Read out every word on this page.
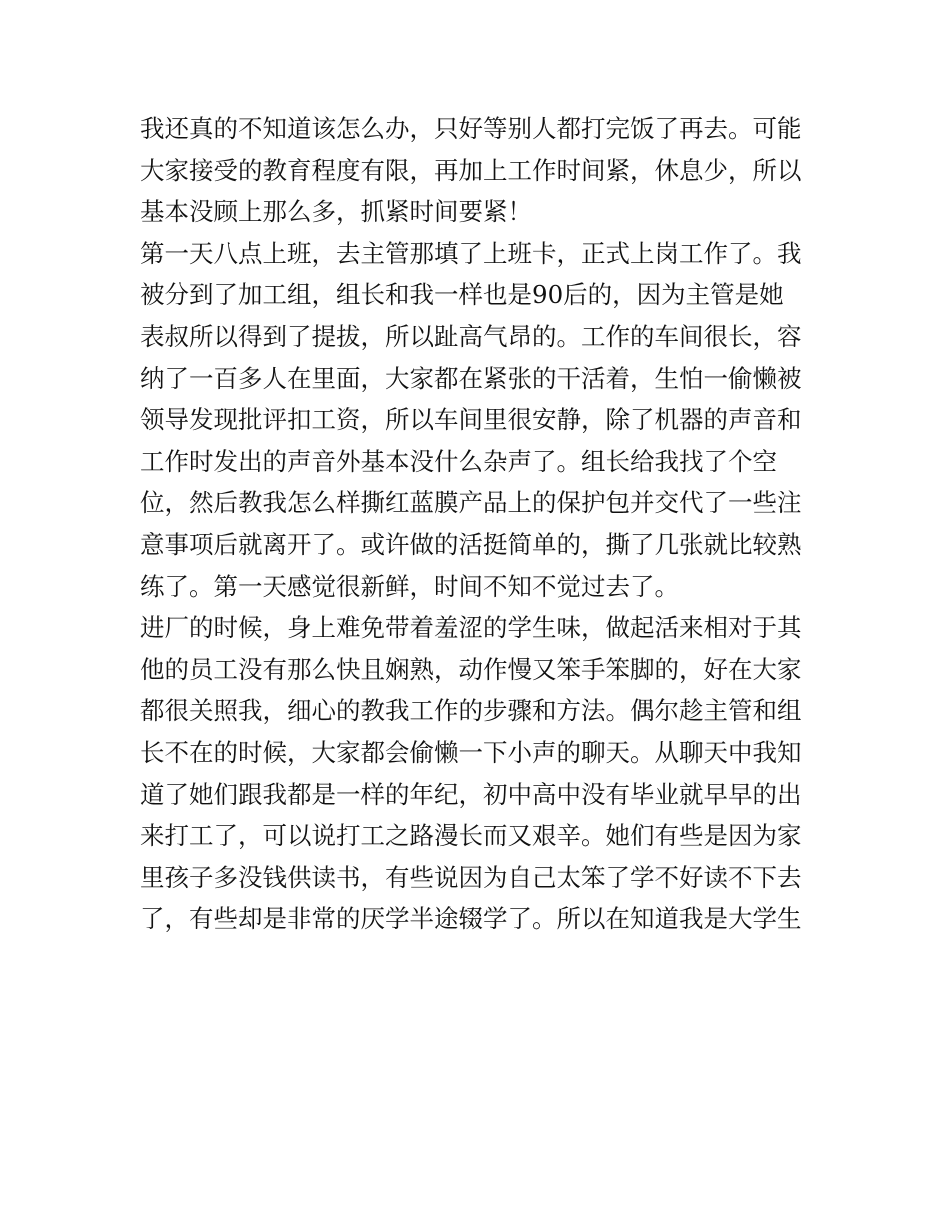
我还真的不知道该怎么办，只好等别人都打完饭了再去。可能
大家接受的教育程度有限，再加上工作时间紧，休息少，所以
基本没顾上那么多，抓紧时间要紧！
第一天八点上班，去主管那填了上班卡，正式上岗工作了。我
被分到了加工组，组长和我一样也是90后的，因为主管是她
表叔所以得到了提拔，所以趾高气昂的。工作的车间很长，容
纳了一百多人在里面，大家都在紧张的干活着，生怕一偷懒被
领导发现批评扣工资，所以车间里很安静，除了机器的声音和
工作时发出的声音外基本没什么杂声了。组长给我找了个空
位，然后教我怎么样撕红蓝膜产品上的保护包并交代了一些注
意事项后就离开了。或许做的活挺简单的，撕了几张就比较熟
练了。第一天感觉很新鲜，时间不知不觉过去了。
进厂的时候，身上难免带着羞涩的学生味，做起活来相对于其
他的员工没有那么快且娴熟，动作慢又笨手笨脚的，好在大家
都很关照我，细心的教我工作的步骤和方法。偶尔趁主管和组
长不在的时候，大家都会偷懒一下小声的聊天。从聊天中我知
道了她们跟我都是一样的年纪，初中高中没有毕业就早早的出
来打工了，可以说打工之路漫长而又艰辛。她们有些是因为家
里孩子多没钱供读书，有些说因为自己太笨了学不好读不下去
了，有些却是非常的厌学半途辍学了。所以在知道我是大学生
